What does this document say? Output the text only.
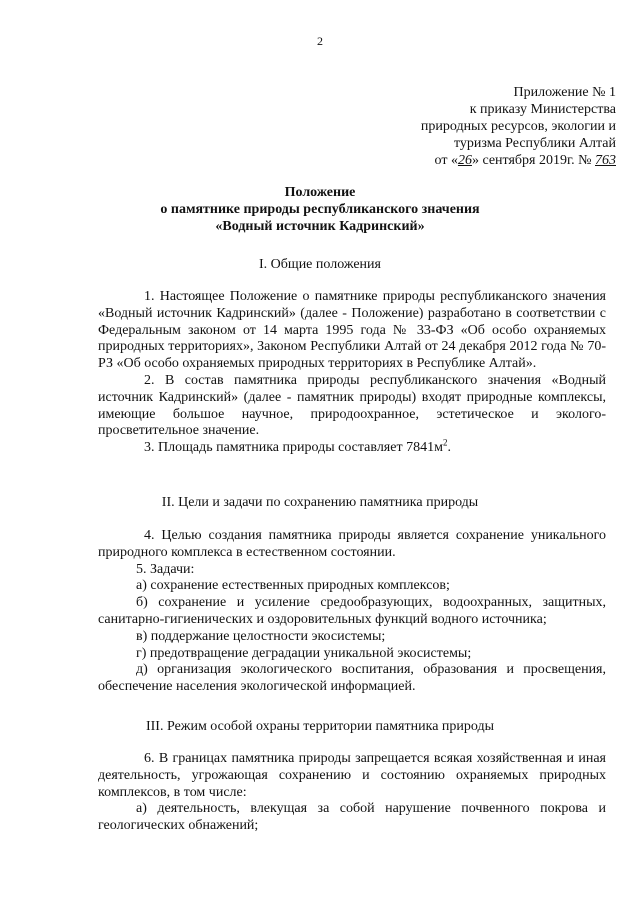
2
Приложение № 1
к приказу Министерства
природных ресурсов, экологии и
туризма Республики Алтай
от «26» сентября 2019г. № 763
Положение
о памятнике природы республиканского значения
«Водный источник Кадринский»
I. Общие положения

1. Настоящее Положение о памятнике природы республиканского значения «Водный источник Кадринский» (далее - Положение) разработано в соответствии с Федеральным законом от 14 марта 1995 года № 33-ФЗ «Об особо охраняемых природных территориях», Законом Республики Алтай от 24 декабря 2012 года № 70-РЗ «Об особо охраняемых природных территориях в Республике Алтай».

2. В состав памятника природы республиканского значения «Водный источник Кадринский» (далее - памятник природы) входят природные комплексы, имеющие большое научное, природоохранное, эстетическое и эколого-просветительное значение.

3. Площадь памятника природы составляет $7841м^2$.

II. Цели и задачи по сохранению памятника природы

4. Целью создания памятника природы является сохранение уникального природного комплекса в естественном состоянии.

5. Задачи:

а) сохранение естественных природных комплексов;

б) сохранение и усиление средообразующих, водоохранных, защитных, санитарно-гигиенических и оздоровительных функций водного источника;

в) поддержание целостности экосистемы;

г) предотвращение деградации уникальной экосистемы;

д) организация экологического воспитания, образования и просвещения, обеспечение населения экологической информацией.

III. Режим особой охраны территории памятника природы

6. В границах памятника природы запрещается всякая хозяйственная и иная деятельность, угрожающая сохранению и состоянию охраняемых природных комплексов, в том числе:

а) деятельность, влекущая за собой нарушение почвенного покрова и геологических обнажений;
